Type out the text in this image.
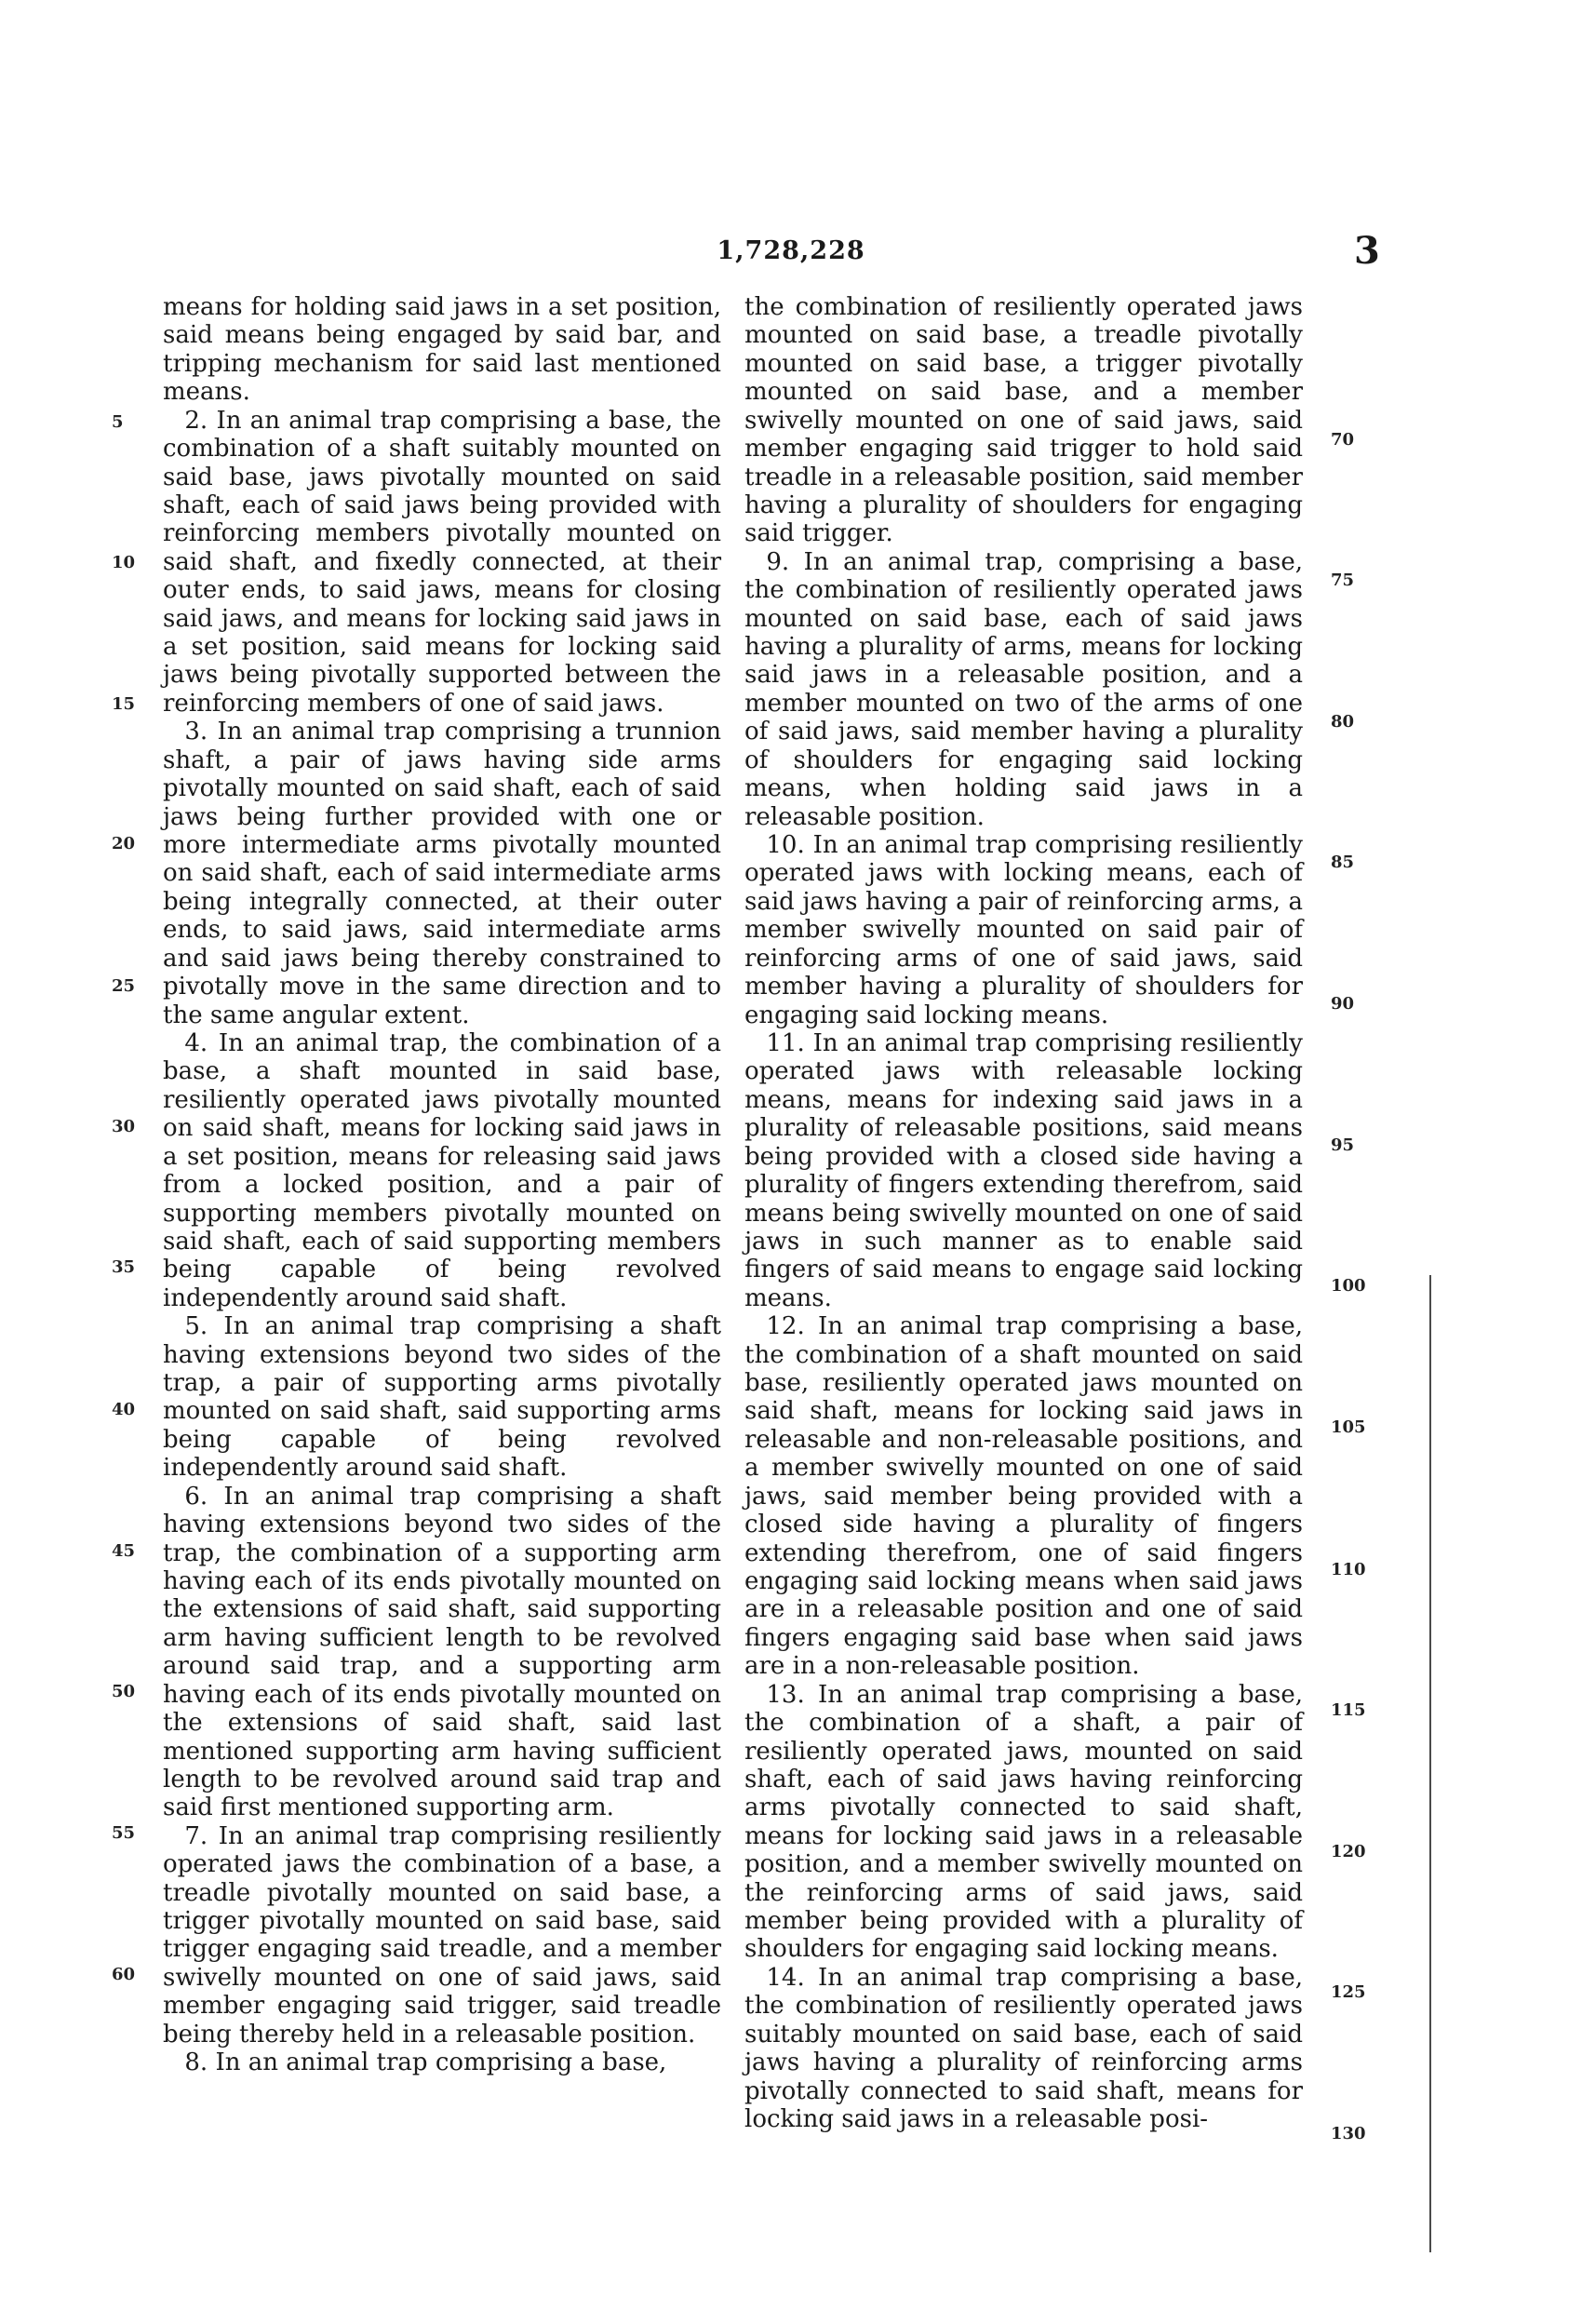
1,728,228	3

means for holding said jaws in a set position, said means being engaged by said bar, and tripping mechanism for said last mentioned means.

2. In an animal trap comprising a base, the combination of a shaft suitably mounted on said base, jaws pivotally mounted on said shaft, each of said jaws being provided with reinforcing members pivotally mounted on said shaft, and fixedly connected, at their outer ends, to said jaws, means for closing said jaws, and means for locking said jaws in a set position, said means for locking said jaws being pivotally supported between the reinforcing members of one of said jaws.

3. In an animal trap comprising a trunnion shaft, a pair of jaws having side arms pivotally mounted on said shaft, each of said jaws being further provided with one or more intermediate arms pivotally mounted on said shaft, each of said intermediate arms being integrally connected, at their outer ends, to said jaws, said intermediate arms and said jaws being thereby constrained to pivotally move in the same direction and to the same angular extent.

4. In an animal trap, the combination of a base, a shaft mounted in said base, resiliently operated jaws pivotally mounted on said shaft, means for locking said jaws in a set position, means for releasing said jaws from a locked position, and a pair of supporting members pivotally mounted on said shaft, each of said supporting members being capable of being revolved independently around said shaft.

5. In an animal trap comprising a shaft having extensions beyond two sides of the trap, a pair of supporting arms pivotally mounted on said shaft, said supporting arms being capable of being revolved independently around said shaft.

6. In an animal trap comprising a shaft having extensions beyond two sides of the trap, the combination of a supporting arm having each of its ends pivotally mounted on the extensions of said shaft, said supporting arm having sufficient length to be revolved around said trap, and a supporting arm having each of its ends pivotally mounted on the extensions of said shaft, said last mentioned supporting arm having sufficient length to be revolved around said trap and said first mentioned supporting arm.

7. In an animal trap comprising resiliently operated jaws the combination of a base, a treadle pivotally mounted on said base, a trigger pivotally mounted on said base, said trigger engaging said treadle, and a member swivelly mounted on one of said jaws, said member engaging said trigger, said treadle being thereby held in a releasable position.

8. In an animal trap comprising a base,

the combination of resiliently operated jaws mounted on said base, a treadle pivotally mounted on said base, a trigger pivotally mounted on said base, and a member swivelly mounted on one of said jaws, said member engaging said trigger to hold said treadle in a releasable position, said member having a plurality of shoulders for engaging said trigger.

9. In an animal trap, comprising a base, the combination of resiliently operated jaws mounted on said base, each of said jaws having a plurality of arms, means for locking said jaws in a releasable position, and a member mounted on two of the arms of one of said jaws, said member having a plurality of shoulders for engaging said locking means, when holding said jaws in a releasable position.

10. In an animal trap comprising resiliently operated jaws with locking means, each of said jaws having a pair of reinforcing arms, a member swivelly mounted on said pair of reinforcing arms of one of said jaws, said member having a plurality of shoulders for engaging said locking means.

11. In an animal trap comprising resiliently operated jaws with releasable locking means, means for indexing said jaws in a plurality of releasable positions, said means being provided with a closed side having a plurality of fingers extending therefrom, said means being swivelly mounted on one of said jaws in such manner as to enable said fingers of said means to engage said locking means.

12. In an animal trap comprising a base, the combination of a shaft mounted on said base, resiliently operated jaws mounted on said shaft, means for locking said jaws in releasable and non-releasable positions, and a member swivelly mounted on one of said jaws, said member being provided with a closed side having a plurality of fingers extending therefrom, one of said fingers engaging said locking means when said jaws are in a releasable position and one of said fingers engaging said base when said jaws are in a non-releasable position.

13. In an animal trap comprising a base, the combination of a shaft, a pair of resiliently operated jaws, mounted on said shaft, each of said jaws having reinforcing arms pivotally connected to said shaft, means for locking said jaws in a releasable position, and a member swivelly mounted on the reinforcing arms of said jaws, said member being provided with a plurality of shoulders for engaging said locking means.

14. In an animal trap comprising a base, the combination of resiliently operated jaws suitably mounted on said base, each of said jaws having a plurality of reinforcing arms pivotally connected to said shaft, means for locking said jaws in a releasable posi-

5
10
15
20
25
30
35
40
45
50
55
60
70
75
80
85
90
95
100
105
110
115
120
125
130
